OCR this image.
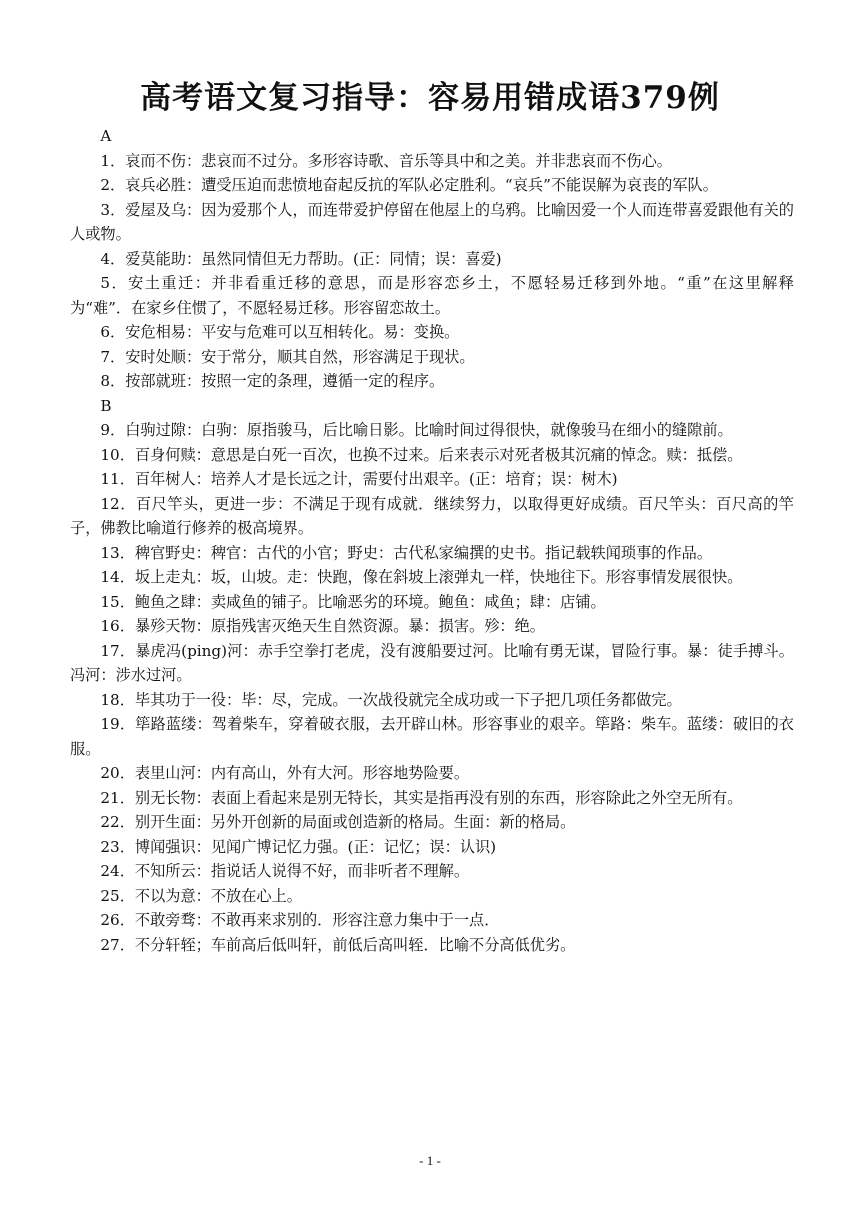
高考语文复习指导：容易用错成语379例

A

1．哀而不伤：悲哀而不过分。多形容诗歌、音乐等具中和之美。并非悲哀而不伤心。

2．哀兵必胜：遭受压迫而悲愤地奋起反抗的军队必定胜利。“哀兵”不能误解为哀丧的军队。

3．爱屋及乌：因为爱那个人，而连带爱护停留在他屋上的乌鸦。比喻因爱一个人而连带喜爱跟他有关的人或物。

4．爱莫能助：虽然同情但无力帮助。(正：同情；误：喜爱)

5．安土重迁：并非看重迁移的意思，而是形容恋乡土，不愿轻易迁移到外地。“重”在这里解释为“难”．在家乡住惯了，不愿轻易迁移。形容留恋故土。

6．安危相易：平安与危难可以互相转化。易：变换。

7．安时处顺：安于常分，顺其自然，形容满足于现状。

8．按部就班：按照一定的条理，遵循一定的程序。

B

9．白驹过隙：白驹：原指骏马，后比喻日影。比喻时间过得很快，就像骏马在细小的缝隙前。

10．百身何赎：意思是白死一百次，也换不过来。后来表示对死者极其沉痛的悼念。赎：抵偿。

11．百年树人：培养人才是长远之计，需要付出艰辛。(正：培育；误：树木)

12．百尺竿头，更进一步：不满足于现有成就．继续努力，以取得更好成绩。百尺竿头：百尺高的竿子，佛教比喻道行修养的极高境界。

13．稗官野史：稗官：古代的小官；野史：古代私家编撰的史书。指记载轶闻琐事的作品。

14．坂上走丸：坂，山坡。走：快跑，像在斜坡上滚弹丸一样，快地往下。形容事情发展很快。

15．鲍鱼之肆：卖咸鱼的铺子。比喻恶劣的环境。鲍鱼：咸鱼；肆：店铺。

16．暴殄天物：原指残害灭绝天生自然资源。暴：损害。殄：绝。

17．暴虎冯(ping)河：赤手空拳打老虎，没有渡船要过河。比喻有勇无谋，冒险行事。暴：徒手搏斗。冯河：涉水过河。

18．毕其功于一役：毕：尽，完成。一次战役就完全成功或一下子把几项任务都做完。

19．筚路蓝缕：驾着柴车，穿着破衣服，去开辟山林。形容事业的艰辛。筚路：柴车。蓝缕：破旧的衣服。

20．表里山河：内有高山，外有大河。形容地势险要。

21．别无长物：表面上看起来是别无特长，其实是指再没有别的东西，形容除此之外空无所有。

22．别开生面：另外开创新的局面或创造新的格局。生面：新的格局。

23．博闻强识：见闻广博记忆力强。(正：记忆；误：认识)

24．不知所云：指说话人说得不好，而非听者不理解。

25．不以为意：不放在心上。

26．不敢旁骛：不敢再来求别的．形容注意力集中于一点．

27．不分轩轾；车前高后低叫轩，前低后高叫轾．比喻不分高低优劣。

- 1 -
